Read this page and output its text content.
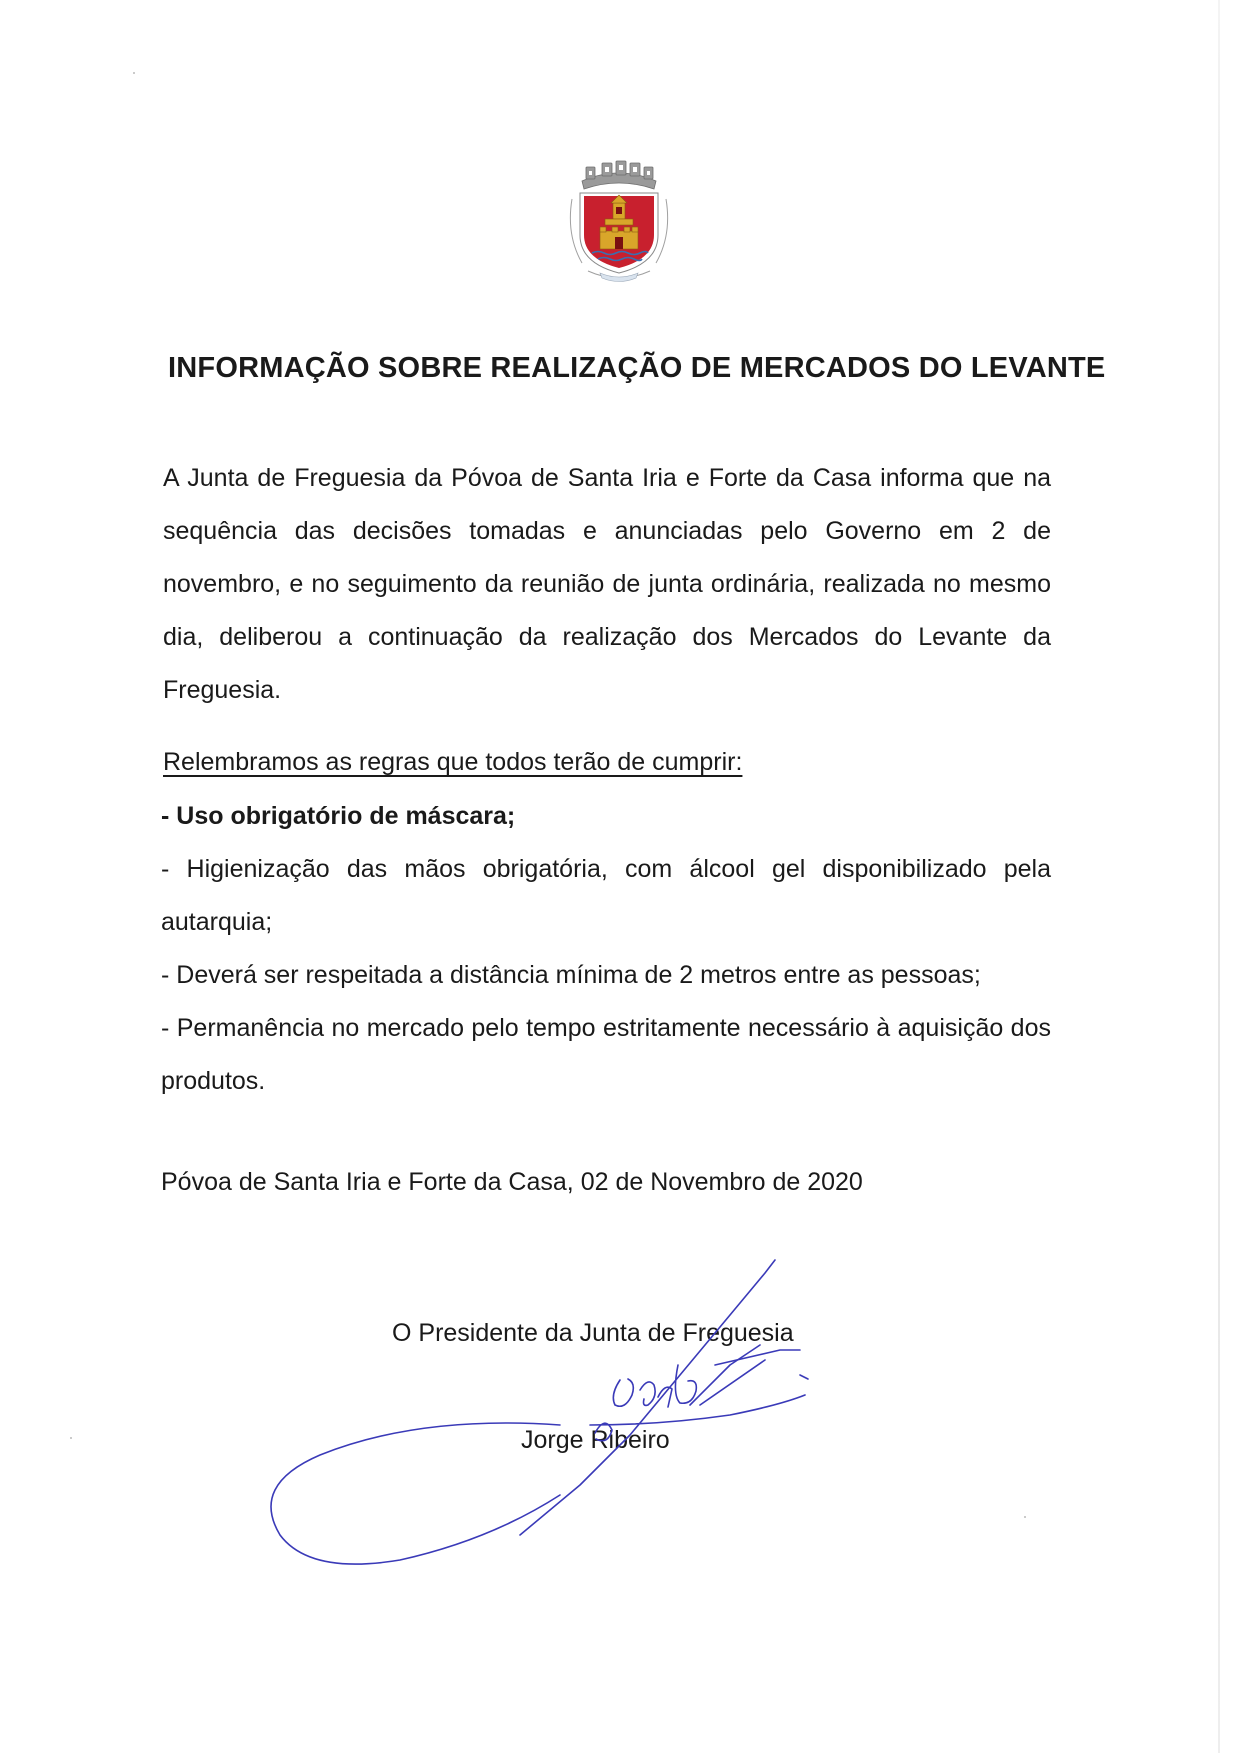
INFORMAÇÃO SOBRE REALIZAÇÃO DE MERCADOS DO LEVANTE

A Junta de Freguesia da Póvoa de Santa Iria e Forte da Casa informa que na sequência das decisões tomadas e anunciadas pelo Governo em 2 de novembro, e no seguimento da reunião de junta ordinária, realizada no mesmo dia, deliberou a continuação da realização dos Mercados do Levante da Freguesia.

Relembramos as regras que todos terão de cumprir:

- Uso obrigatório de máscara;
- Higienização das mãos obrigatória, com álcool gel disponibilizado pela autarquia;
- Deverá ser respeitada a distância mínima de 2 metros entre as pessoas;
- Permanência no mercado pelo tempo estritamente necessário à aquisição dos produtos.

Póvoa de Santa Iria e Forte da Casa, 02 de Novembro de 2020

O Presidente da Junta de Freguesia

Jorge Ribeiro
